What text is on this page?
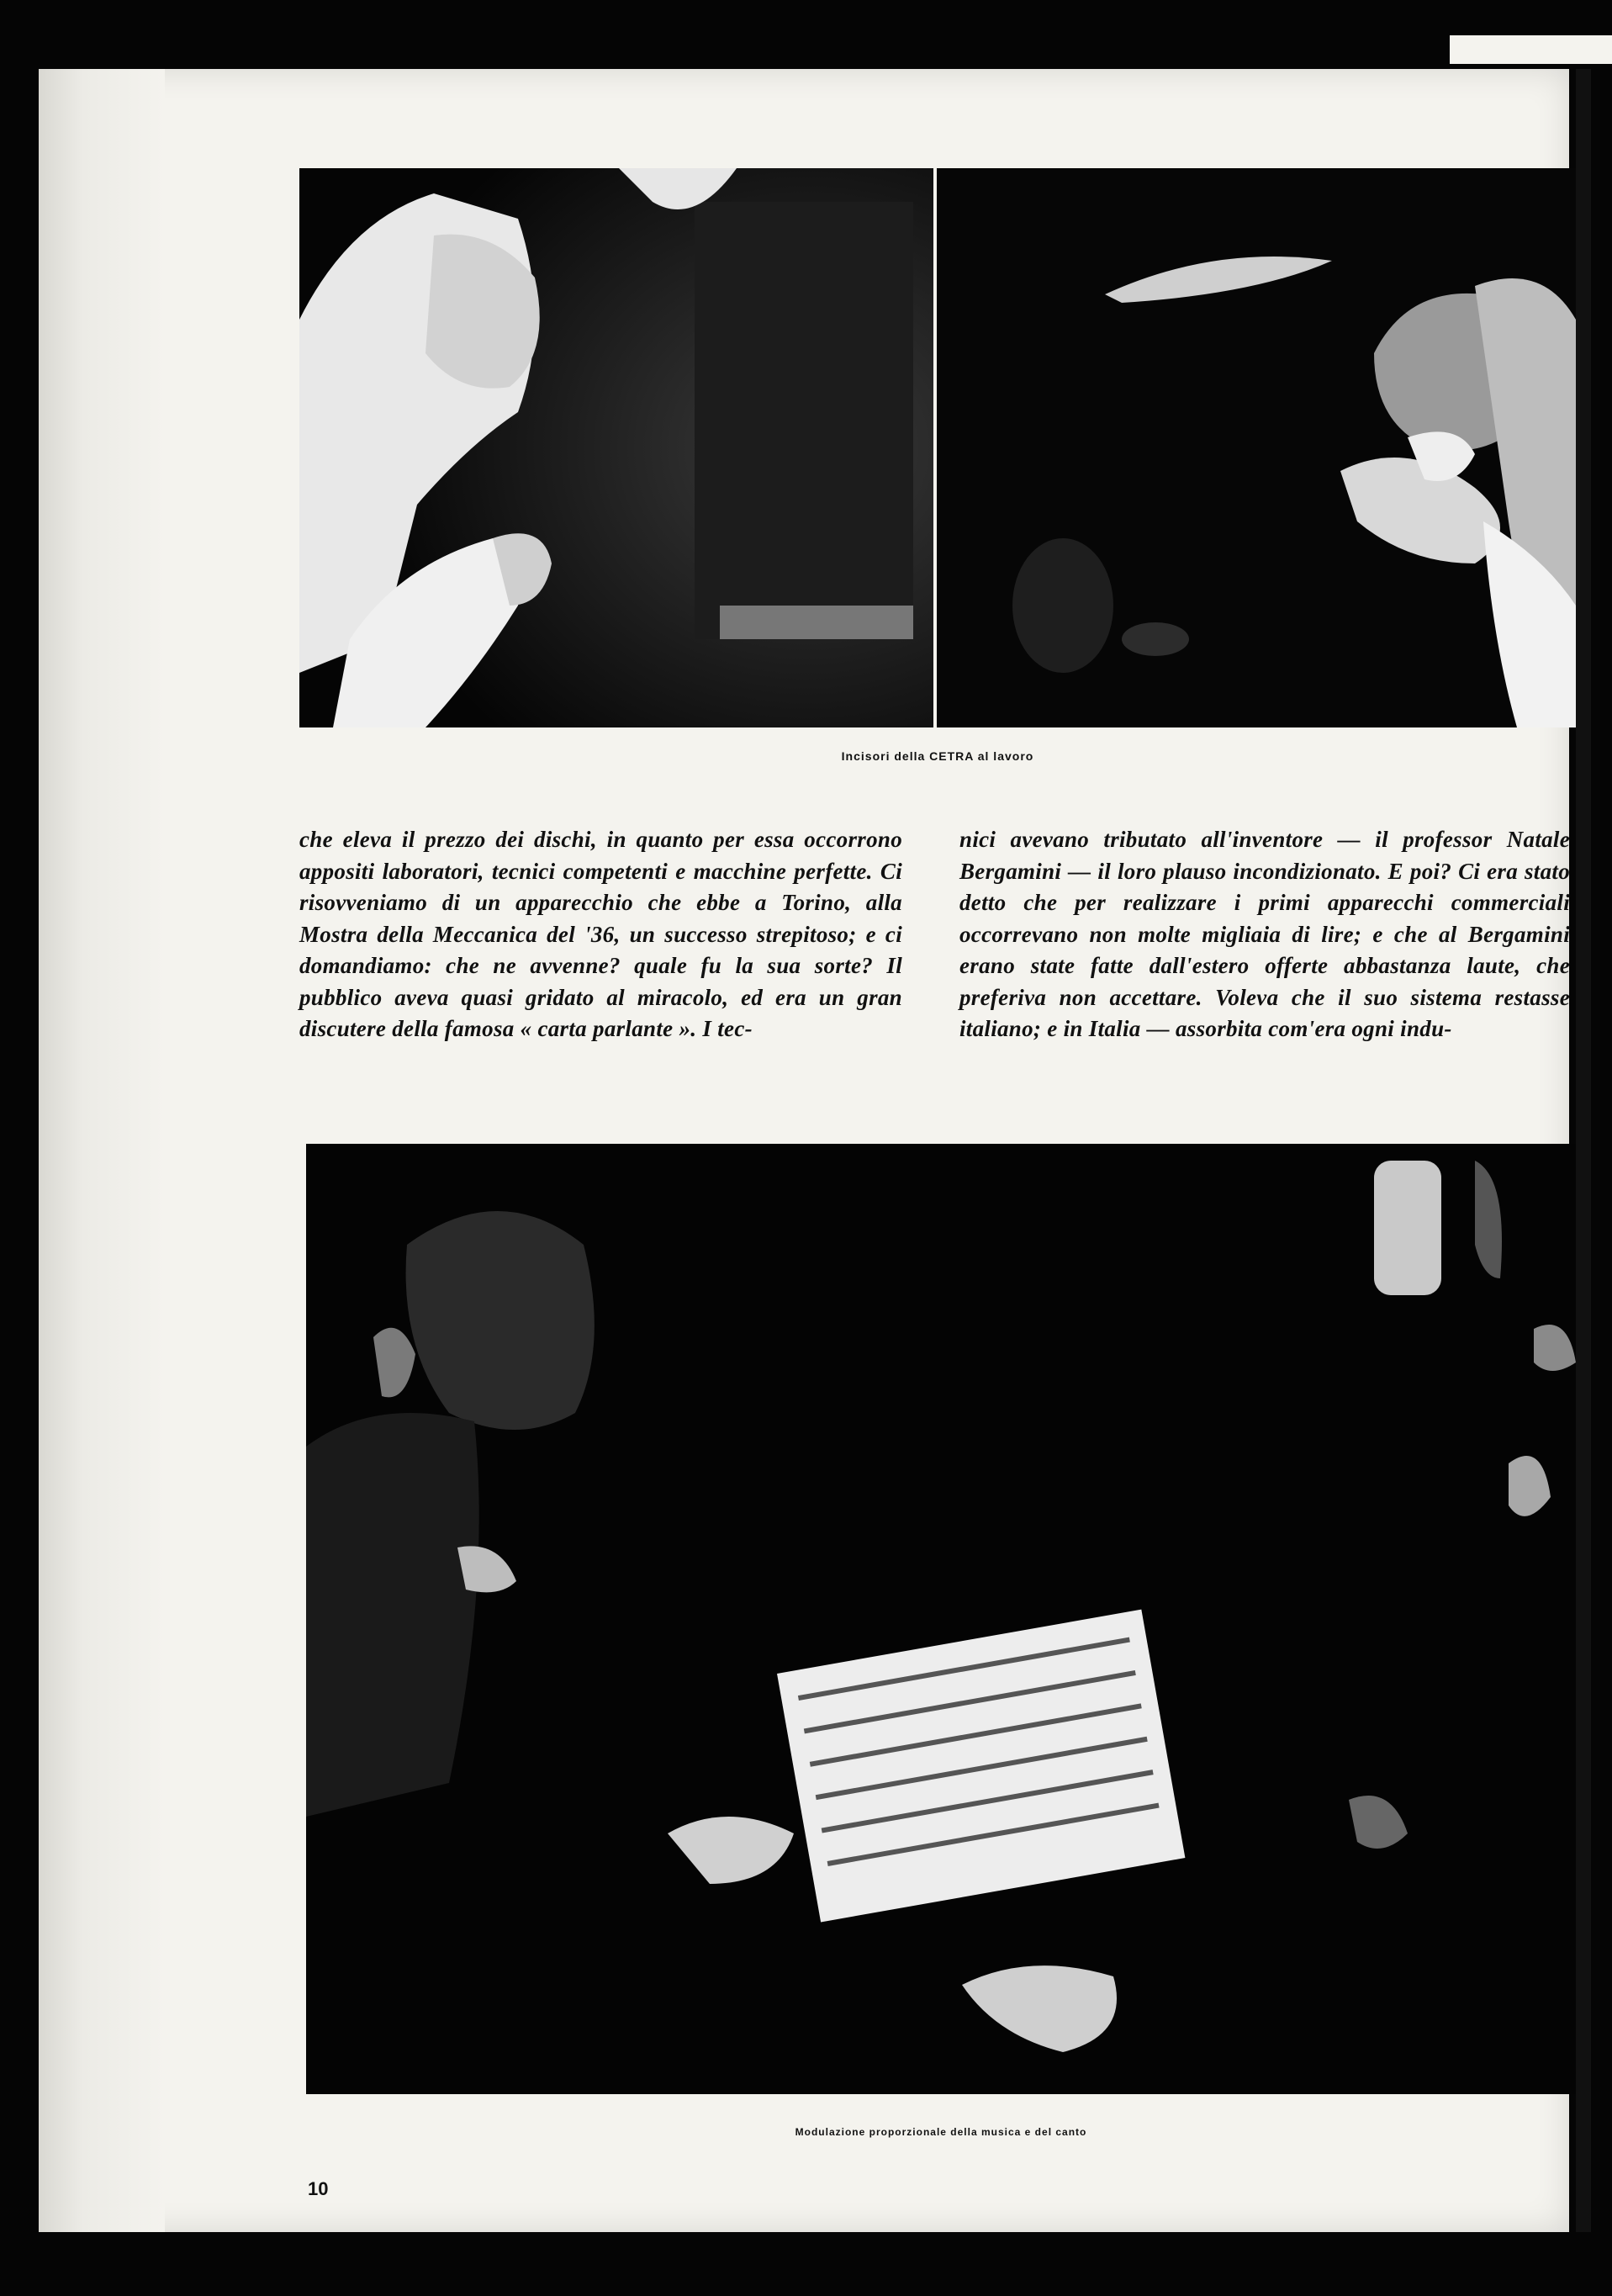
Incisori della CETRA al lavoro

che eleva il prezzo dei dischi, in quanto per essa occorrono appositi laboratori, tecnici competenti e macchine perfette. Ci risovveniamo di un apparecchio che ebbe a Torino, alla Mostra della Meccanica del '36, un successo strepitoso; e ci domandiamo: che ne avvenne? quale fu la sua sorte? Il pubblico aveva quasi gridato al miracolo, ed era un gran discutere della famosa « carta parlante ». I tec-

nici avevano tributato all'inventore — il professor Natale Bergamini — il loro plauso incondizionato. E poi? Ci era stato detto che per realizzare i primi apparecchi commerciali occorrevano non molte migliaia di lire; e che al Bergamini erano state fatte dall'estero offerte abbastanza laute, che preferiva non accettare. Voleva che il suo sistema restasse italiano; e in Italia — assorbita com'era ogni indu-

Modulazione proporzionale della musica e del canto
10
